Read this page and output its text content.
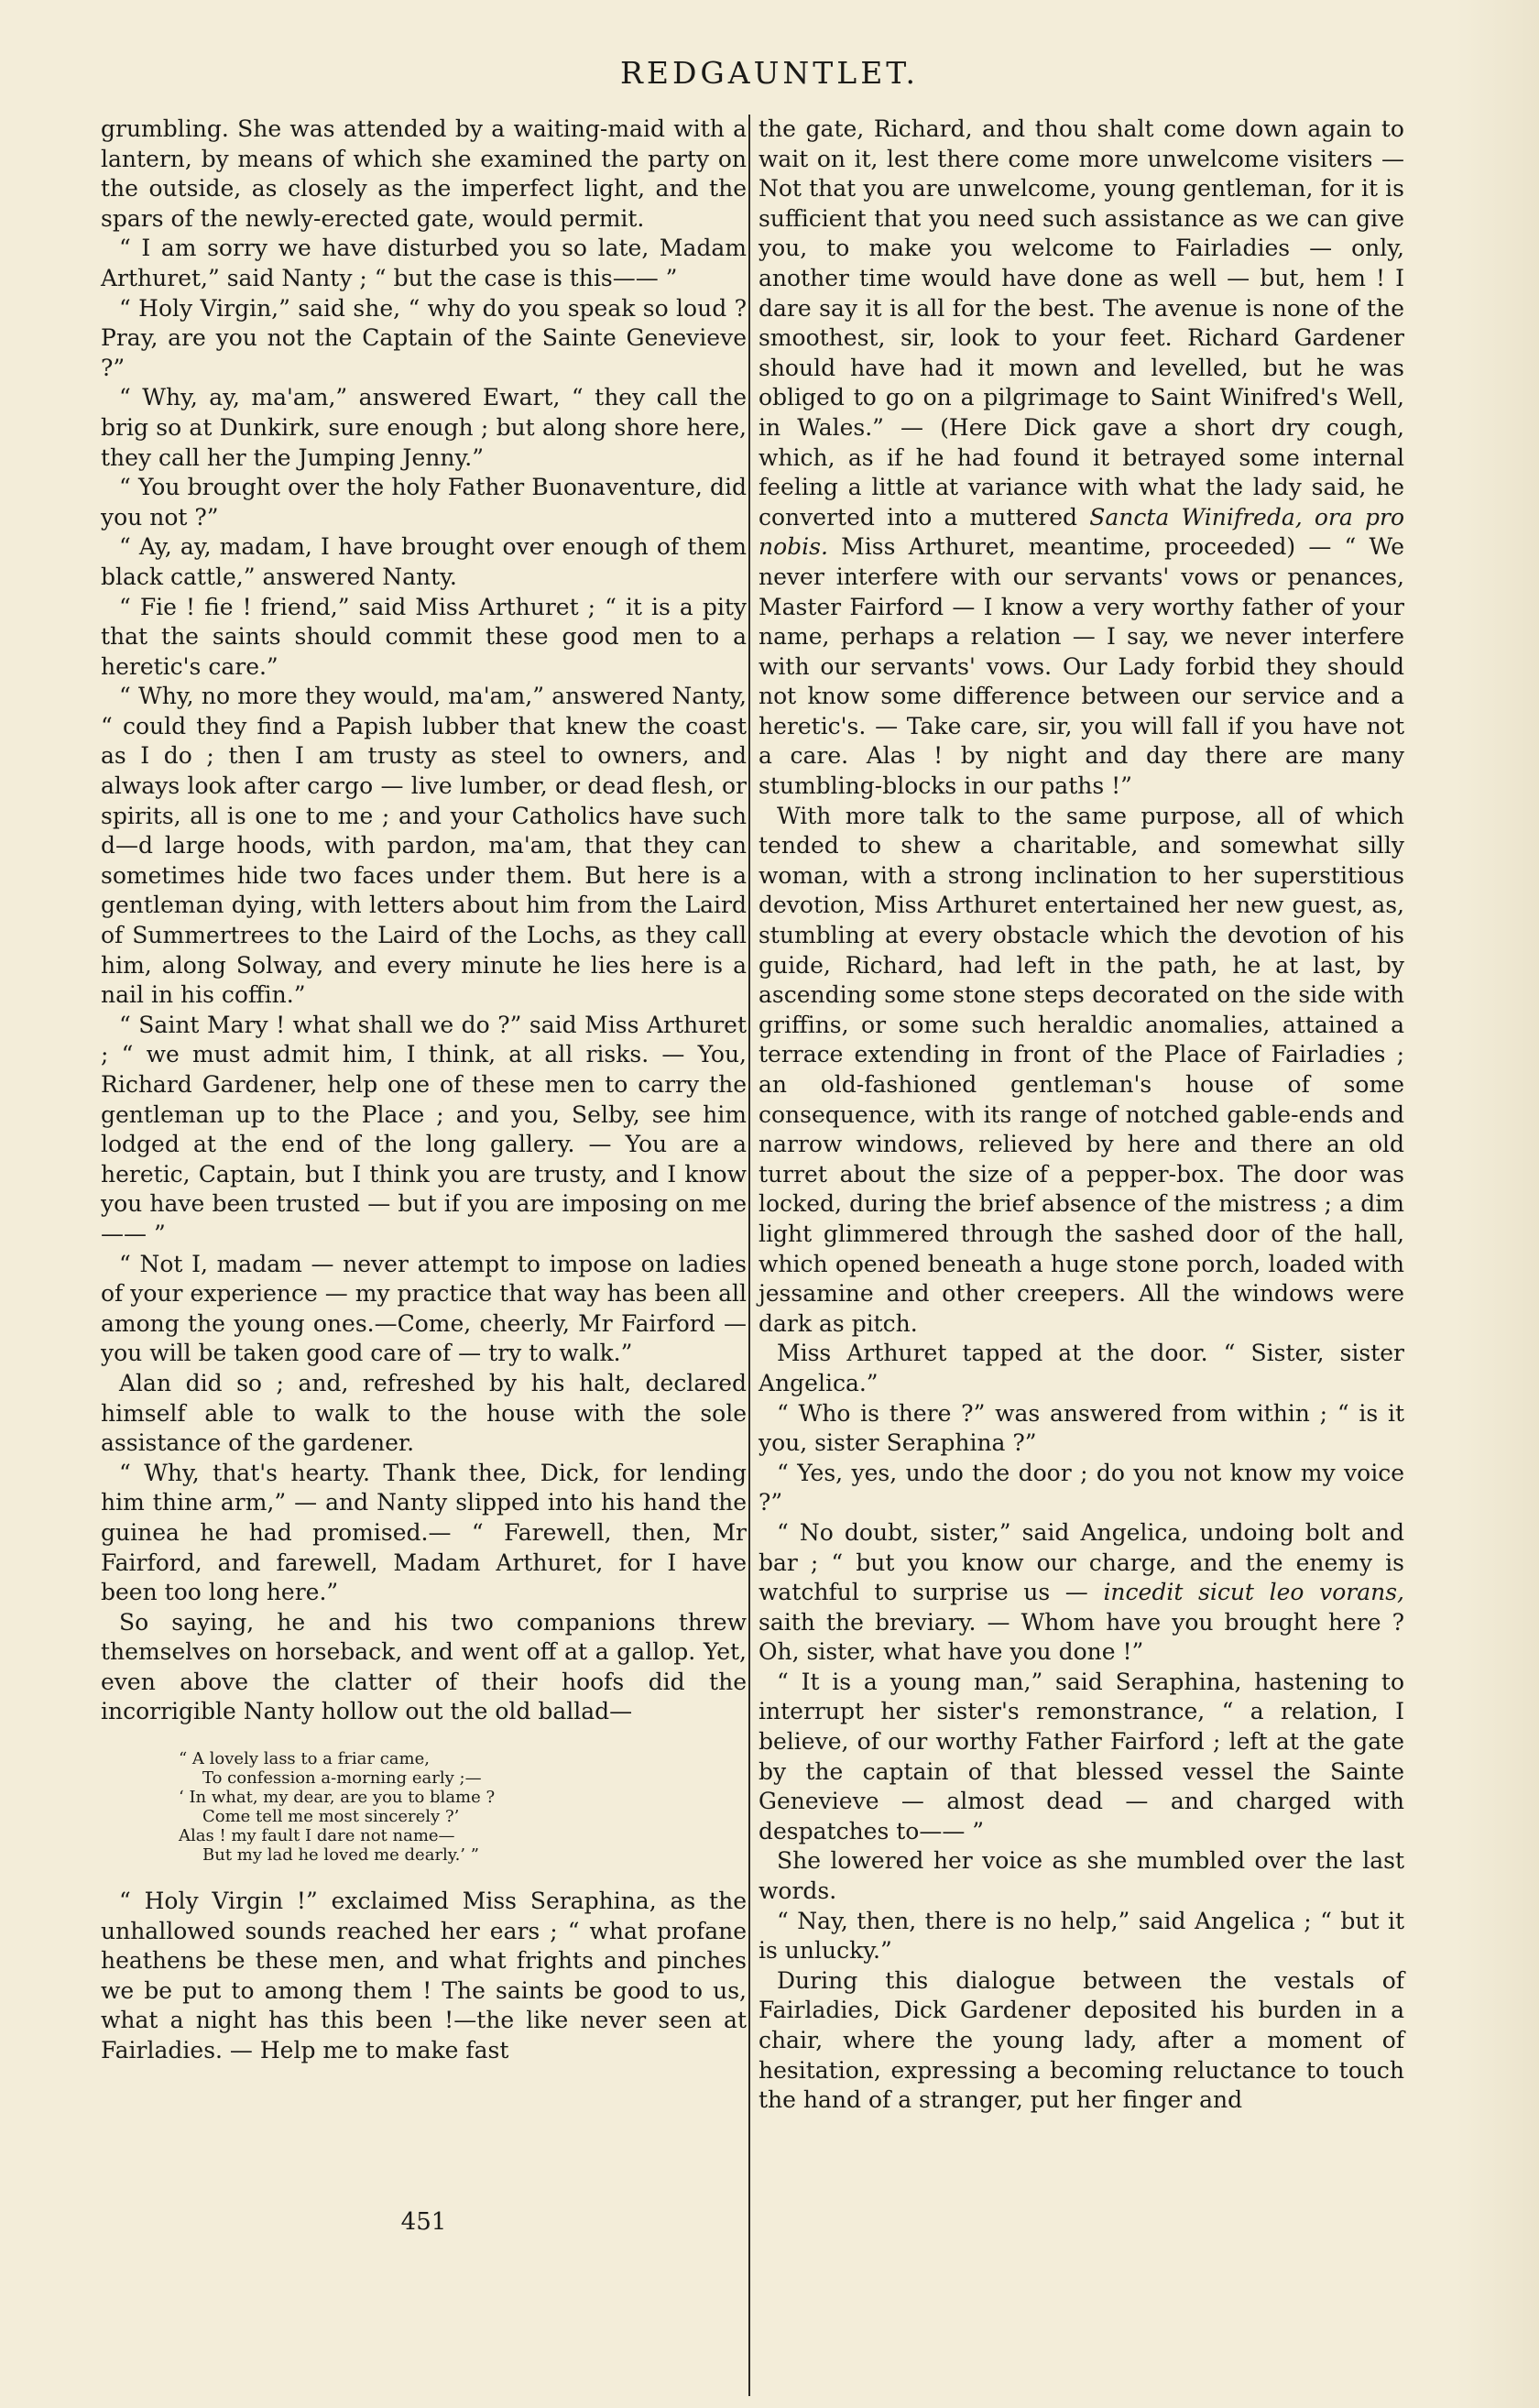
REDGAUNTLET.

grumbling. She was attended by a waiting-maid with a lantern, by means of which she examined the party on the outside, as closely as the imperfect light, and the spars of the newly-erected gate, would permit.

“ I am sorry we have disturbed you so late, Madam Arthuret,” said Nanty ; “ but the case is this—— ”

“ Holy Virgin,” said she, “ why do you speak so loud ? Pray, are you not the Captain of the Sainte Genevieve ?”

“ Why, ay, ma'am,” answered Ewart, “ they call the brig so at Dunkirk, sure enough ; but along shore here, they call her the Jumping Jenny.”

“ You brought over the holy Father Buonaventure, did you not ?”

“ Ay, ay, madam, I have brought over enough of them black cattle,” answered Nanty.

“ Fie ! fie ! friend,” said Miss Arthuret ; “ it is a pity that the saints should commit these good men to a heretic's care.”

“ Why, no more they would, ma'am,” answered Nanty, “ could they find a Papish lubber that knew the coast as I do ; then I am trusty as steel to owners, and always look after cargo — live lumber, or dead flesh, or spirits, all is one to me ; and your Catholics have such d—d large hoods, with pardon, ma'am, that they can sometimes hide two faces under them. But here is a gentleman dying, with letters about him from the Laird of Summertrees to the Laird of the Lochs, as they call him, along Solway, and every minute he lies here is a nail in his coffin.”

“ Saint Mary ! what shall we do ?” said Miss Arthuret ; “ we must admit him, I think, at all risks. — You, Richard Gardener, help one of these men to carry the gentleman up to the Place ; and you, Selby, see him lodged at the end of the long gallery. — You are a heretic, Captain, but I think you are trusty, and I know you have been trusted — but if you are imposing on me—— ”

“ Not I, madam — never attempt to impose on ladies of your experience — my practice that way has been all among the young ones.—Come, cheerly, Mr Fairford — you will be taken good care of — try to walk.”

Alan did so ; and, refreshed by his halt, declared himself able to walk to the house with the sole assistance of the gardener.

“ Why, that's hearty. Thank thee, Dick, for lending him thine arm,” — and Nanty slipped into his hand the guinea he had promised.— “ Farewell, then, Mr Fairford, and farewell, Madam Arthuret, for I have been too long here.”

So saying, he and his two companions threw themselves on horseback, and went off at a gallop. Yet, even above the clatter of their hoofs did the incorrigible Nanty hollow out the old ballad—

“ A lovely lass to a friar came,
To confession a-morning early ;—
‘ In what, my dear, are you to blame ?
Come tell me most sincerely ?’
Alas ! my fault I dare not name—
But my lad he loved me dearly.’ ”

“ Holy Virgin !” exclaimed Miss Seraphina, as the unhallowed sounds reached her ears ; “ what profane heathens be these men, and what frights and pinches we be put to among them ! The saints be good to us, what a night has this been !—the like never seen at Fairladies. — Help me to make fast

the gate, Richard, and thou shalt come down again to wait on it, lest there come more unwelcome visiters — Not that you are unwelcome, young gentleman, for it is sufficient that you need such assistance as we can give you, to make you welcome to Fairladies — only, another time would have done as well — but, hem ! I dare say it is all for the best. The avenue is none of the smoothest, sir, look to your feet. Richard Gardener should have had it mown and levelled, but he was obliged to go on a pilgrimage to Saint Winifred's Well, in Wales.” — (Here Dick gave a short dry cough, which, as if he had found it betrayed some internal feeling a little at variance with what the lady said, he converted into a muttered Sancta Winifreda, ora pro nobis. Miss Arthuret, meantime, proceeded) — “ We never interfere with our servants' vows or penances, Master Fairford — I know a very worthy father of your name, perhaps a relation — I say, we never interfere with our servants' vows. Our Lady forbid they should not know some difference between our service and a heretic's. — Take care, sir, you will fall if you have not a care. Alas ! by night and day there are many stumbling-blocks in our paths !”

With more talk to the same purpose, all of which tended to shew a charitable, and somewhat silly woman, with a strong inclination to her superstitious devotion, Miss Arthuret entertained her new guest, as, stumbling at every obstacle which the devotion of his guide, Richard, had left in the path, he at last, by ascending some stone steps decorated on the side with griffins, or some such heraldic anomalies, attained a terrace extending in front of the Place of Fairladies ; an old-fashioned gentleman's house of some consequence, with its range of notched gable-ends and narrow windows, relieved by here and there an old turret about the size of a pepper-box. The door was locked, during the brief absence of the mistress ; a dim light glimmered through the sashed door of the hall, which opened beneath a huge stone porch, loaded with jessamine and other creepers. All the windows were dark as pitch.

Miss Arthuret tapped at the door. “ Sister, sister Angelica.”

“ Who is there ?” was answered from within ; “ is it you, sister Seraphina ?”

“ Yes, yes, undo the door ; do you not know my voice ?”

“ No doubt, sister,” said Angelica, undoing bolt and bar ; “ but you know our charge, and the enemy is watchful to surprise us — incedit sicut leo vorans, saith the breviary. — Whom have you brought here ? Oh, sister, what have you done !”

“ It is a young man,” said Seraphina, hastening to interrupt her sister's remonstrance, “ a relation, I believe, of our worthy Father Fairford ; left at the gate by the captain of that blessed vessel the Sainte Genevieve — almost dead — and charged with despatches to—— ”

She lowered her voice as she mumbled over the last words.

“ Nay, then, there is no help,” said Angelica ; “ but it is unlucky.”

During this dialogue between the vestals of Fairladies, Dick Gardener deposited his burden in a chair, where the young lady, after a moment of hesitation, expressing a becoming reluctance to touch the hand of a stranger, put her finger and

451
